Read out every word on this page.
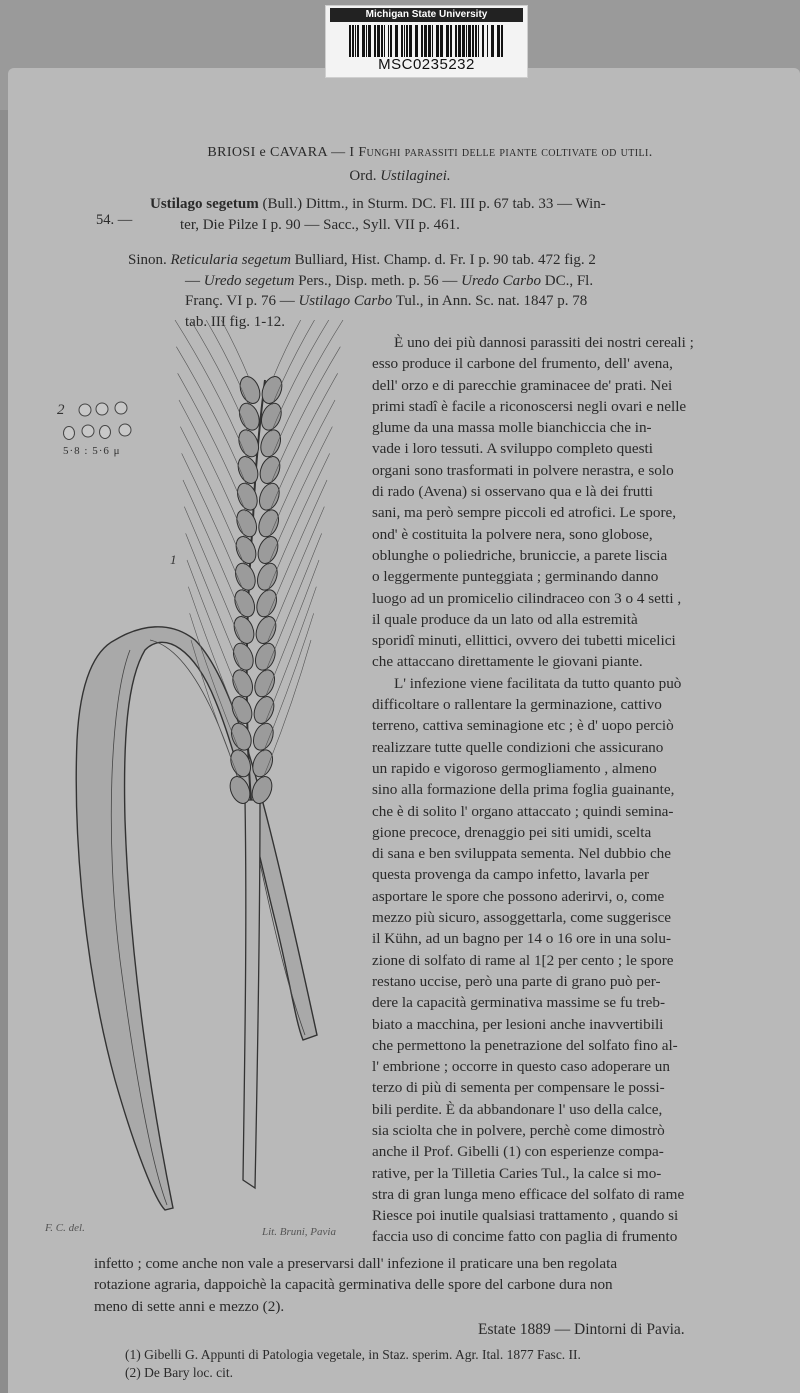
Michigan State University
MSC0235232
BRIOSI e CAVARA — I Funghi parassiti delle piante coltivate od utili.
Ord. Ustilaginei.
54. —
Ustilago segetum (Bull.) Dittm., in Sturm. DC. Fl. III p. 67 tab. 33 — Win-
ter, Die Pilze I p. 90 — Sacc., Syll. VII p. 461.
Sinon. Reticularia segetum Bulliard, Hist. Champ. d. Fr. I p. 90 tab. 472 fig. 2
— Uredo segetum Pers., Disp. meth. p. 56 — Uredo Carbo DC., Fl.
Franç. VI p. 76 — Ustilago Carbo Tul., in Ann. Sc. nat. 1847 p. 78
tab. III fig. 1-12.
2
5·8 : 5·6 μ
1
F. C. del.	Lit. Bruni, Pavia
È uno dei più dannosi parassiti dei nostri cereali ;
esso produce il carbone del frumento, dell' avena,
dell' orzo e di parecchie graminacee de' prati. Nei
primi stadî è facile a riconoscersi negli ovari e nelle
glume da una massa molle bianchiccia che in-
vade i loro tessuti. A sviluppo completo questi
organi sono trasformati in polvere nerastra, e solo
di rado (Avena) si osservano qua e là dei frutti
sani, ma però sempre piccoli ed atrofici. Le spore,
ond' è costituita la polvere nera, sono globose,
oblunghe o poliedriche, bruniccie, a parete liscia
o leggermente punteggiata ; germinando danno
luogo ad un promicelio cilindraceo con 3 o 4 setti ,
il quale produce da un lato od alla estremità
sporidî minuti, ellittici, ovvero dei tubetti micelici
che attaccano direttamente le giovani piante.
L' infezione viene facilitata da tutto quanto può
difficoltare o rallentare la germinazione, cattivo
terreno, cattiva seminagione etc ; è d' uopo perciò
realizzare tutte quelle condizioni che assicurano
un rapido e vigoroso germogliamento , almeno
sino alla formazione della prima foglia guainante,
che è di solito l' organo attaccato ; quindi semina-
gione precoce, drenaggio pei siti umidi, scelta
di sana e ben sviluppata sementa. Nel dubbio che
questa provenga da campo infetto, lavarla per
asportare le spore che possono aderirvi, o, come
mezzo più sicuro, assoggettarla, come suggerisce
il Kühn, ad un bagno per 14 o 16 ore in una solu-
zione di solfato di rame al 1[2 per cento ; le spore
restano uccise, però una parte di grano può per-
dere la capacità germinativa massime se fu treb-
biato a macchina, per lesioni anche inavvertibili
che permettono la penetrazione del solfato fino al-
l' embrione ; occorre in questo caso adoperare un
terzo di più di sementa per compensare le possi-
bili perdite. È da abbandonare l' uso della calce,
sia sciolta che in polvere, perchè come dimostrò
anche il Prof. Gibelli (1) con esperienze compa-
rative, per la Tilletia Caries Tul., la calce si mo-
stra di gran lunga meno efficace del solfato di rame
Riesce poi inutile qualsiasi trattamento , quando si
faccia uso di concime fatto con paglia di frumento
infetto ; come anche non vale a preservarsi dall' infezione il praticare una ben regolata
rotazione agraria, dappoichè la capacità germinativa delle spore del carbone dura non
meno di sette anni e mezzo (2).
Estate 1889 — Dintorni di Pavia.
(1) Gibelli G. Appunti di Patologia vegetale, in Staz. sperim. Agr. Ital. 1877 Fasc. II.
(2) De Bary loc. cit.
